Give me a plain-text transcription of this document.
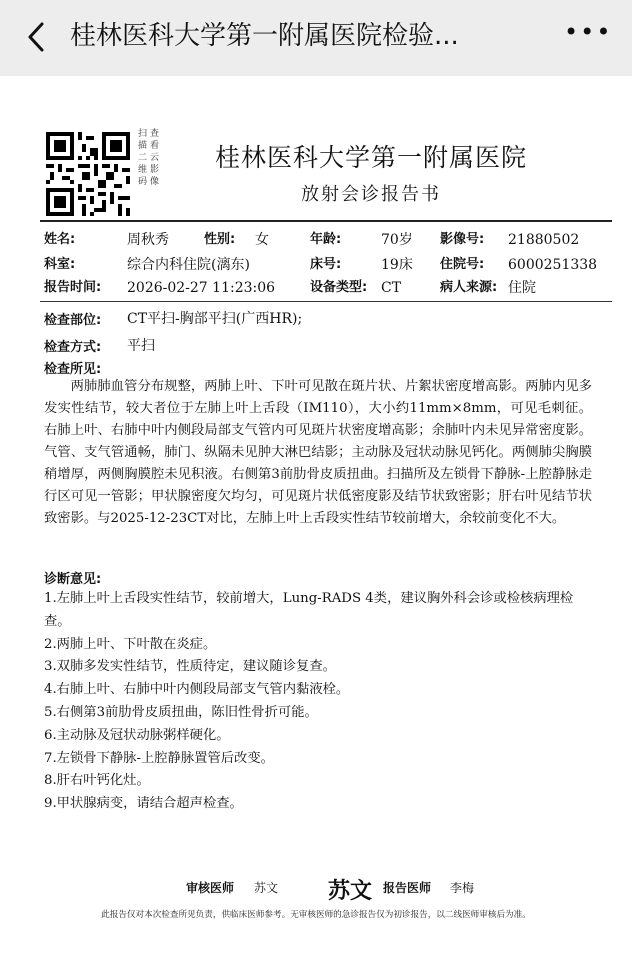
桂林医科大学第一附属医院检验...	•••
扫描二维码
查看云影像
桂林医科大学第一附属医院
放射会诊报告书
姓名:	周秋秀	性别: 女	年龄:	70岁 影像号: 21880502
科室:	综合内科住院(漓东)	床号:	19床 住院号: 6000251338
报告时间: 2026-02-27 11:23:06	设备类型: CT	病人来源: 住院
检查部位: CT平扫-胸部平扫(广西HR);
检查方式: 平扫
检查所见:
两肺肺血管分布规整，两肺上叶、下叶可见散在斑片状、片絮状密度增高影。两肺内见多发实性结节，较大者位于左肺上叶上舌段（IM110），大小约11mm×8mm，可见毛刺征。右肺上叶、右肺中叶内侧段局部支气管内可见斑片状密度增高影；余肺叶内未见异常密度影。气管、支气管通畅，肺门、纵隔未见肿大淋巴结影；主动脉及冠状动脉见钙化。两侧肺尖胸膜稍增厚，两侧胸膜腔未见积液。右侧第3前肋骨皮质扭曲。扫描所及左锁骨下静脉-上腔静脉走行区可见一管影；甲状腺密度欠均匀，可见斑片状低密度影及结节状致密影；肝右叶见结节状致密影。与2025-12-23CT对比，左肺上叶上舌段实性结节较前增大，余较前变化不大。
诊断意见:
1.左肺上叶上舌段实性结节，较前增大，Lung-RADS 4类，建议胸外科会诊或检核病理检查。
2.两肺上叶、下叶散在炎症。
3.双肺多发实性结节，性质待定，建议随诊复查。
4.右肺上叶、右肺中叶内侧段局部支气管内黏液栓。
5.右侧第3前肋骨皮质扭曲，陈旧性骨折可能。
6.主动脉及冠状动脉粥样硬化。
7.左锁骨下静脉-上腔静脉置管后改变。
8.肝右叶钙化灶。
9.甲状腺病变，请结合超声检查。
审核医师 苏文 苏文 报告医师 李梅
此报告仅对本次检查所见负责，供临床医师参考。无审核医师的急诊报告仅为初诊报告，以二线医师审核后为准。
